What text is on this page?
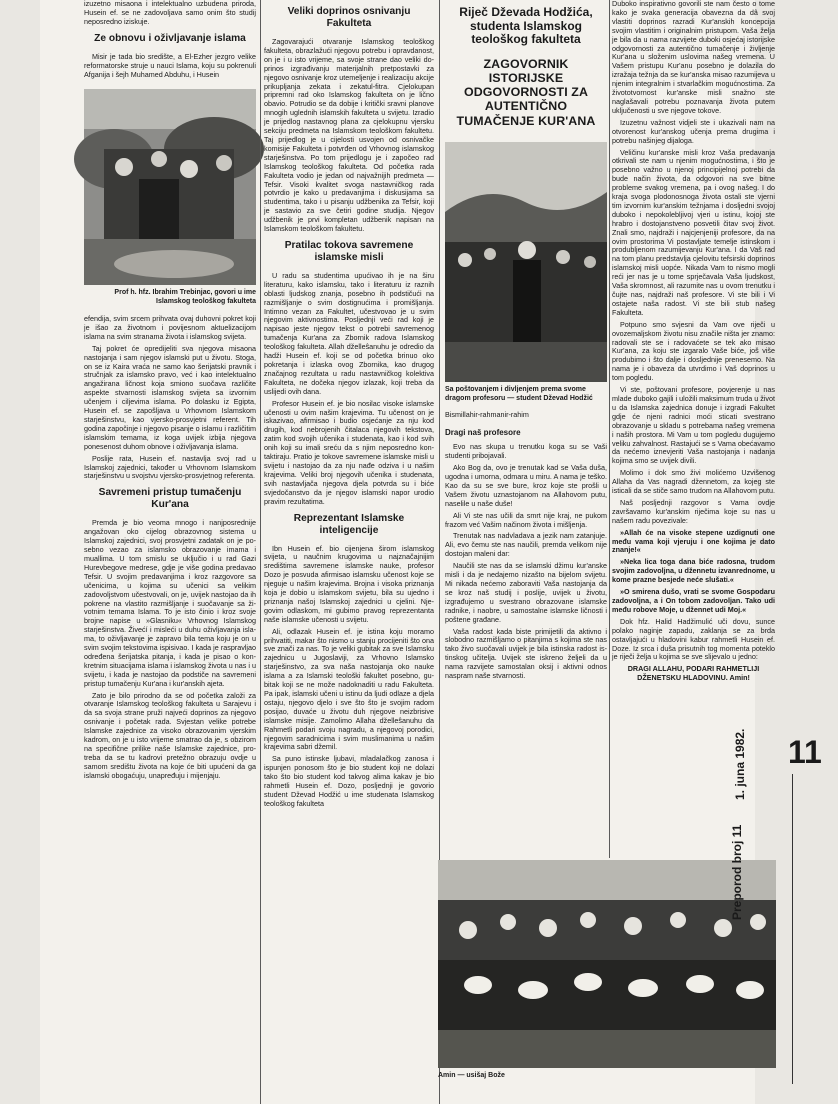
izuzetno misaona i intelektualno uzbudena priroda, Husein ef. se ne zadovoljava samo onim što studij neposredno iziskuje.

Ze obnovu i oživljavanje islama

Misir je tada bio središte, a El-Ezher jezgro velike reformatorske struje u nauci Islama, koju su pokrenuli Afganija i šejh Muhamed Abduhu, i Husein

Prof h. hfz. Ibrahim Trebinjac, govori u ime Islamskog teološkog fakulteta

efendija, svim srcem prihvata ovaj duhovni pokret koji je išao za životnom i povijesnom aktuelizacijom islama na svim stranama života i islamskog svijeta.

Taj pokret će opredijeliti sva njegova misaona nastojanja i sam njegov islamski put u životu. Stoga, on se iz Kaira vraća ne samo kao šerijatski pravnik i stručnjak za islamsko pravo, već i kao intelektualno angažirana ličnost koja smiono suočava različite aspekte stvarnosti islamskog svijeta sa izvornim učenjem i ciljevima islama. Po dolasku iz Egipta, Husein ef. se zapošljava u Vrhovnom Islamskom starješinstvu, kao vjersko-prosvjetni referent. Tih godina započinje i njegovo pisanje o islamu i različitim islamskim temama, iz koga uvijek izbija njegova ponesenost duhom obnove i oživljavanja islama.

Poslije rata, Husein ef. nastavlja svoj rad u Islamskoj zajednici, također u Vrhovnom Islamskom starješinstvu u svojstvu vjersko-prosvjetnog referenta.

Savremeni pristup tumačenju Kur'ana

Premda je bio veoma mnogo i nanjposrednije angažovan oko cijelog obrazovnog sistema u Islamskoj zajednici, svoj prosvjetni zadatak on je posebno vezao za islamsko obrazovanje imama i muallima. U tom smislu se uključio i u rad Gazi Hurevbegove medrese, gdje je više godina predavao Tefsir. U svojim predavanjima i kroz razgovore sa učenicima, u kojima su učenici sa velikim zadovoljstvom učestvovali, on je, uvijek nastojao da ih pokrene na vlastito razmišljanje i suočavanje sa životnim temama Islama. To je isto činio i kroz svoje brojne napise u »Glasniku« Vrhovnog Islamskog starješinstva. Živećí i misleći u duhu oživljavanja islama, to oživljavanje je zapravo bila tema koju je on u svim svojim tekstovima ispisivao. I kada je raspravljao određena šerijatska pitanja, i kada je pisao o konkretnim situacijama islama i islamskog života u nas i u svijetu, i kada je nastojao da podstiče na savremeni pristup tumačenju Kur'ana i kur'anskih ajeta.

Zato je bilo prirodno da se od početka založi za otvaranje Islamskog teološkog fakulteta u Sarajevu i da sa svoja strane pruži najveći doprinos za njegovo osnivanje i početak rada. Svjestan velike potrebe Islamske zajednice za visoko obrazovanim vjerskim kadrom, on je u isto vrijeme smatrao da je, s obzirom na specifične prilike naše Islamske zajednice, protreba da se tu kadrovi pretežno obrazuju ovdje u samom središtu života na koje će biti upućeni da ga islamski obogaćuju, unapređuju i mijenjaju.

Veliki doprinos osnivanju Fakulteta

Zagovarajući otvaranje Islamskog teološkog fakulteta, obrazlažući njegovu potrebu i opravdanost, on je i u isto vrijeme, sa svoje strane dao veliki doprinos izgrađivanju materijalnih pretpostavki za njegovo osnivanje kroz utemeljenje i realizaciju akcije prikupljanja zekata i zekatul-fitra. Cjelokupan pripremni rad oko Islamskog fakulteta on je lično obavio. Potrudio se da dobije i kritički sravni planove mnogih uglednih islamskih fakulteta u svijetu. Izradio je prijedlog nastavnog plana za cjelokupnu vjersku sekciju predmeta na Islamskom teološkom fakultetu. Taj prijedlog je u cijelosti usvojen od osnivačke komisije Fakulteta i potvrđen od Vrhovnog islamskog starješinstva. Po tom prijedlogu je i započeo rad Islamskog teološkog fakulteta. Od početka rada Fakulteta vodio je jedan od najvažnijih predmeta — Tefsir. Visoki kvalitet svoga nastavničkog rada potvrdio je kako u predavanjima i diskusijama sa studentima, tako i u pisanju udžbenika za Tefsir, koji je sastavio za sve četiri godine studija. Njegov udžbenik je prvi kompletan udžbenik napisan na Islamskom teološkom fakultetu.

Pratilac tokova savremene islamske misli

U radu sa studentima upućivao ih je na širu literaturu, kako islamsku, tako i literaturu iz raznih oblasti ljudskog znanja, posebno ih podstičući na razmišljanje o svim dostignućima i promišljanja. Intimno vezan za Fakultet, učestvovao je u svim njegovim aktivnostima. Posljednji veći rad koji je napisao jeste njegov tekst o potrebi savremenog tumačenja Kur'ana za Zbornik radova Islamskog teološkog fakulteta. Allah dželleŝanuhu je odredio da hadži Husein ef. koji se od početka brinuo oko pokretanja i izlaska ovog Zbornika, kao drugog značajnog rezultata u radu nastavničkog kolektiva Fakulteta, ne dočeka njegov izlazak, koji treba da uslijedi ovih dana.

Profesor Husein ef. je bio nosilac visoke islamske učenosti u ovim našim krajevima. Tu učenost on je iskazivao, afirmisao i budio osjećanje za nju kod drugih, kod nebrojenih čitalaca njegovih tekstova, zatim kod svojih učenika i studenata, kao i kod svih onih koji su imali sreću da s njim neposredno kontaktiraju. Pratio je tokove savremene islamske misli u svijetu i nastojao da za nju nađe odziva i u našim krajevima. Veliki broj njegovih učenika i studenata, svih nastavljača njegova djela potvrda su i biće svjedočanstvo da je njegov islamski napor urodio pravim rezultatima.

Reprezentant Islamske inteligencije

Ibn Husein ef. bio cijenjena širom islamskog svijeta, u naučnim krugovima u najznačajnijim središtima savremene islamske nauke, profesor Dozo je posvuda afirmisao islamsku učenost koje se njeguje u našim krajevima. Brojna i visoka priznanja koja je dobio u islamskom svijetu, bila su ujedno i priznanja našoj Islamskoj zajednici u cjelini. Njegovim odlaskom, mi gubimo pravog reprezentanta naše islamske učenosti u svijetu.

Ali, odlazak Husein ef. je istina koju moramo prihvatiti, makar što nismo u stanju procijeniti što ona sve znači za nas. To je veliki gubitak za sve Islamsku zajednicu u Jugoslaviji, za Vrhovno Islamsko starješinstvo, za sva naša nastojanja oko nauke islama a za Islamski teološki fakultet posebno, gubitak koji se ne može nadoknaditi u radu Fakulteta. Pa ipak, islamski učeni u istinu da ljudi odlaze a djela ostaju, njegovo djelo i sve što što je svojim radom posijao, duvaće u životu duh njegove neizbrisive islamske misije. Zamolimo Allaha dželleŝanuhu da Rahmetli podari svoju nagradu, a njegovoj porodici, njegovim saradnicima i svim muslimanima u našim krajevima sabri džemil.

Sa puno istinske ljubavi, mladalačkog zanosa i ispunjen ponosom što je bio student koji ne dolazi tako što bio student kod takvog alima kakav je bio rahmetli Husein ef. Dozo, posljednji je govorio student Dževad Hodžić u ime studenata Islamskog teološkog fakulteta

Riječ Dževada Hodžića, studenta Islamskog teološkog fakulteta
ZAGOVORNIK ISTORIJSKE ODGOVORNOSTI ZA AUTENTIČNO TUMAČENJE KUR'ANA

Sa poštovanjem i divljenjem prema svome dragom profesoru — student Dževad Hodžić

Bismillahir-rahmanir-rahim

Dragi naš profesore

Evo nas skupa u trenutku koga su se Vaši studenti pribojavali.

Ako Bog da, ovo je trenutak kad se Vaša duša, ugodna i umorna, odmara u miru. A nama je teško. Kao da su se sve bure, kroz koje ste prošli u Vašem životu uznastojanom na Allahovom putu, naselile u naše duše!

Ali Vi ste nas učili da smrt nije kraj, ne pukom frazom već Vašim načinom života i mišljenja.

Trenutak nas nadvladava a jezik nam zatanjuje. Ali, evo čemu ste nas naučili, premda velikom nije dostojan maleni dar:

Naučili ste nas da se islamski džimu kur'anske misli i da je nedajemo nizašto na bijelom svijetu. Mi nikada nećemo zaboraviti Vaša nastojanja da se kroz naš studij i poslije, uvijek u životu, izgrađujemo u svestrano obrazovane islamske radnike, i naobre, u samostalne islamske ličnosti i poštene građane.

Vaša radost kada biste primijetili da aktivno i slobodno razmišljamo o pitanjima s kojima ste nas tako živo suočavali uvijek je bila istinska radost istinskog učitelja. Uvijek ste iskreno željeli da u nama razvijete samostalan oksij i aktivni odnos naspram naše stvarnosti.

Amin — usišaj Bože

Duboko inspirativno govorili ste nam često o tome kako je svaka generacija obavezna da dâ svoj vlastiti doprinos razradi Kur'anskih koncepcija svojim vlastitim i originalnim pristupom. Vaša želja je bila da u nama razvijete duboki osjećaj istorijske odgovornosti za autentično tumačenje i življenje Kur'ana u složenim uslovima našeg vremena. U Vašem pristupu Kur'anu posebno je dolazila do izražaja težnja da se kur'anska misao razumijeva u njenim integralnim i stvarlačkim mogućnostima. Za živototvornost kur'anske misli snažno ste naglašavali potrebu poznavanja života putem uključenosti u sve njegove tokove.

Izuzetnu važnost vidjeli ste i ukazivali nam na otvorenost kur'anskog učenja prema drugima i potrebu našinjeg dijaloga.

Veličinu kur'anske misli kroz Vaša predavanja otkrivali ste nam u njenim mogućnostima, i što je posebno važno u njenoj principijelnoj potrebi da bude način života, da odgovori na sve bitne probleme svakog vremena, pa i ovog našeg. I do kraja svoga plodonosnoga života ostali ste vjerni tim izvornim kur'anskim težnjama i dosljedni svojoj duboko i nepokolebljivoj vjeri u istinu, kojoj ste hrabro i dostojanstveno posvetili čitav svoj život. Znali smo, najdraži i najcjenjeniji profesore, da na ovim prostorima Vi postavljate temelje istinskom i produbljenom razumijevanju Kur'ana. I da Vaš rad na tom planu predstavlja cjelovitu tefsirski doprinos islamskoj misli uopće. Nikada Vam to nismo mogli reći jer nas je u tome sprječavala Vaša ljudskost, Vaša skromnost, ali razumite nas u ovom trenutku i čujte nas, najdraži naš profesore. Vi ste bili i Vi ostajete naša radost. Vi ste bili stub našeg Fakulteta.

Potpuno smo svjesni da Vam ove riječi u ovozemaljskom životu nisu značile ništa jer znamo: radovali ste se i radovaćete se tek ako misao Kur'ana, za koju ste izgaralo Vaše biće, još više produbimo i što dalje i dosljednije prenesemo. Na nama je i obaveza da utvrdimo i Vaš doprinos u tom pogledu.

Vi ste, poštovani profesore, povjerenje u nas mlade duboko gajili i uložili maksimum truda u život u da Islamska zajednica donuje i izgradi Fakultet gdje će njeni radnici moći sticati svestrano obrazovanje u skladu s potrebama našeg vremena i naših prostora. Mi Vam u tom pogledu dugujemo veliku zahvalnost. Rastajući se s Vama obećavamo da nećemo iznevjeriti Vaša nastojanja i nadanja kojima smo se uvijek divili.

Molimo i dok smo živi molićemo Uzvišenog Allaha da Vas nagradi džennetom, za kojeg ste isticali da se stiče samo trudom na Allahovom putu.

Naš posljednji razgovor s Vama ovdje završavamo kur'anskim riječima koje su nas u našem radu povezivale:

»Allah će na visoke stepene uzdignuti one među vama koji vjeruju i one kojima je dato znanje!«

»Neka lica toga dana biće radosna, trudom svojim zadovoljna, u džennetu izvanrednome, u kome prazne besjede neće slušati.«

»O smirena dušo, vrati se svome Gospodaru zadovoljna, a i On tobom zadovoljan. Tako udi među robove Moje, u džennet udi Moj.«

Dok hfz. Halid Hadžimulić uči dovu, sunce polako naginje zapadu, zaklanja se za brda ostavljajući u hladovini kabur rahmetli Husein ef. Doze. Iz srca i duša prisutnih tog momenta poteklo je riječi želja u kojima se sve sliјevalo u jedno:

DRAGI ALLAHU, PODARI RAHMETLIJI DŽENETSKU HLADOVINU. Amin!

11
1. juna 1982.
Preporod broj 11
